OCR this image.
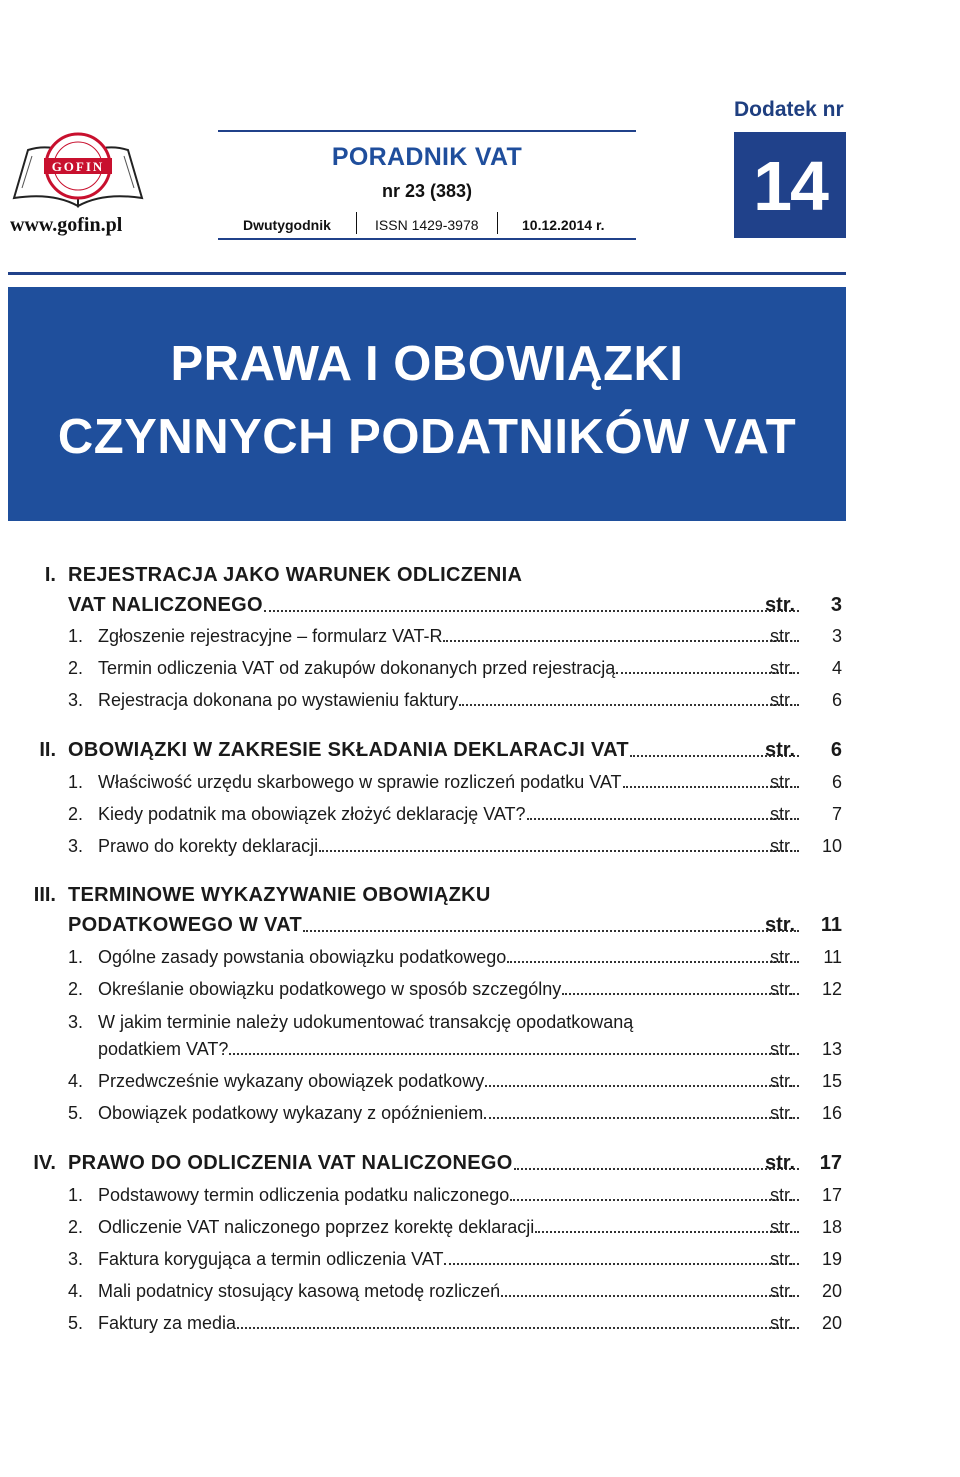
GOFIN
www.gofin.pl
PORADNIK VAT
nr 23 (383)
Dwutygodnik	ISSN 1429-3978	10.12.2014 r.
Dodatek nr
14
PRAWA I OBOWIĄZKI
CZYNNYCH PODATNIKÓW VAT
I. REJESTRACJA JAKO WARUNEK ODLICZENIA
VAT NALICZONEGO	str. 3
1. Zgłoszenie rejestracyjne – formularz VAT-R	str. 3
2. Termin odliczenia VAT od zakupów dokonanych przed rejestracją	str. 4
3. Rejestracja dokonana po wystawieniu faktury	str. 6
II. OBOWIĄZKI W ZAKRESIE SKŁADANIA DEKLARACJI VAT	str. 6
1. Właściwość urzędu skarbowego w sprawie rozliczeń podatku VAT	str. 6
2. Kiedy podatnik ma obowiązek złożyć deklarację VAT?	str. 7
3. Prawo do korekty deklaracji	str. 10
III. TERMINOWE WYKAZYWANIE OBOWIĄZKU
PODATKOWEGO W VAT	str. 11
1. Ogólne zasady powstania obowiązku podatkowego	str. 11
2. Określanie obowiązku podatkowego w sposób szczególny	str. 12
3. W jakim terminie należy udokumentować transakcję opodatkowaną
podatkiem VAT?	str. 13
4. Przedwcześnie wykazany obowiązek podatkowy	str. 15
5. Obowiązek podatkowy wykazany z opóźnieniem	str. 16
IV. PRAWO DO ODLICZENIA VAT NALICZONEGO	str. 17
1. Podstawowy termin odliczenia podatku naliczonego	str. 17
2. Odliczenie VAT naliczonego poprzez korektę deklaracji	str. 18
3. Faktura korygująca a termin odliczenia VAT	str. 19
4. Mali podatnicy stosujący kasową metodę rozliczeń	str. 20
5. Faktury za media	str. 20
